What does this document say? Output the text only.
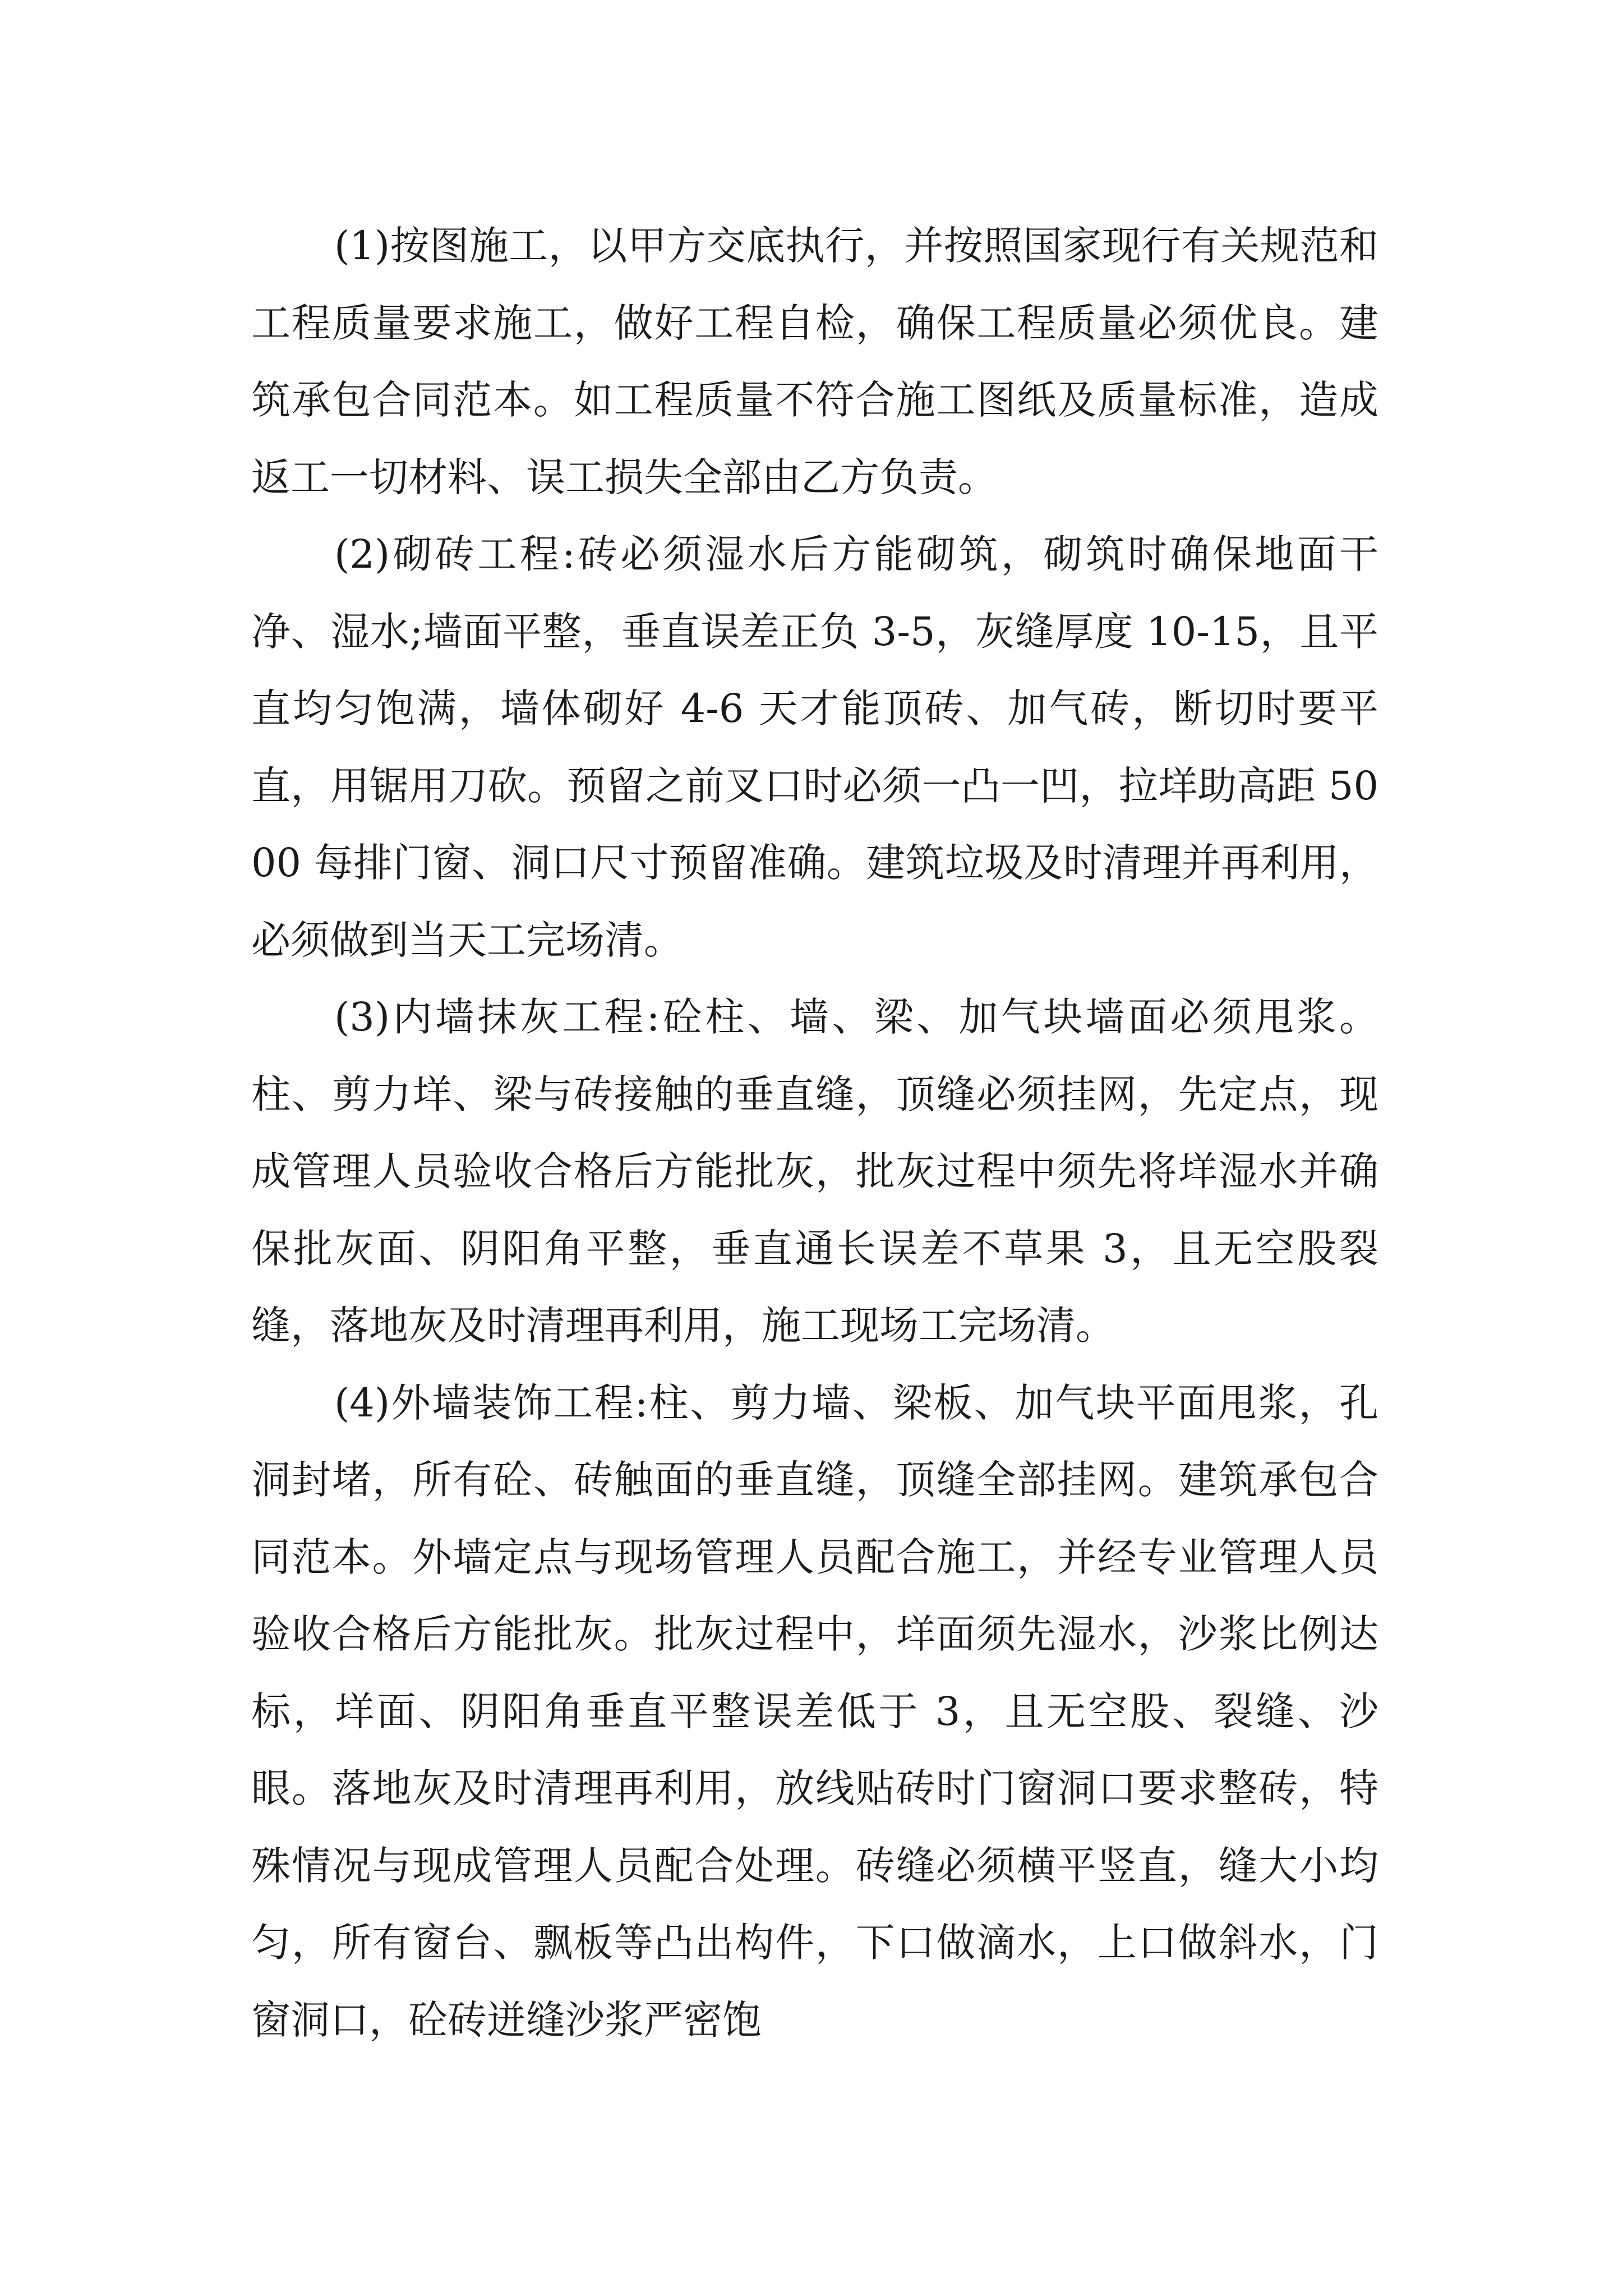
(1)按图施工，以甲方交底执行，并按照国家现行有关规范和工程质量要求施工，做好工程自检，确保工程质量必须优良。建筑承包合同范本。如工程质量不符合施工图纸及质量标准，造成返工一切材料、误工损失全部由乙方负责。

(2)砌砖工程:砖必须湿水后方能砌筑，砌筑时确保地面干净、湿水;墙面平整，垂直误差正负 3-5，灰缝厚度 10-15，且平直均匀饱满，墙体砌好 4-6 天才能顶砖、加气砖，断切时要平直，用锯用刀砍。预留之前叉口时必须一凸一凹，拉垟助高距 5000 每排门窗、洞口尺寸预留准确。建筑垃圾及时清理并再利用，必须做到当天工完场清。

(3)内墙抹灰工程:砼柱、墙、梁、加气块墙面必须甩浆。柱、剪力垟、梁与砖接触的垂直缝，顶缝必须挂网，先定点，现成管理人员验收合格后方能批灰，批灰过程中须先将垟湿水并确保批灰面、阴阳角平整，垂直通长误差不草果 3，且无空股裂缝，落地灰及时清理再利用，施工现场工完场清。

(4)外墙装饰工程:柱、剪力墙、梁板、加气块平面甩浆，孔洞封堵，所有砼、砖触面的垂直缝，顶缝全部挂网。建筑承包合同范本。外墙定点与现场管理人员配合施工，并经专业管理人员验收合格后方能批灰。批灰过程中，垟面须先湿水，沙浆比例达标，垟面、阴阳角垂直平整误差低于 3，且无空股、裂缝、沙眼。落地灰及时清理再利用，放线贴砖时门窗洞口要求整砖，特殊情况与现成管理人员配合处理。砖缝必须横平竖直，缝大小均匀，所有窗台、飘板等凸出构件，下口做滴水，上口做斜水，门窗洞口，砼砖迸缝沙浆严密饱
